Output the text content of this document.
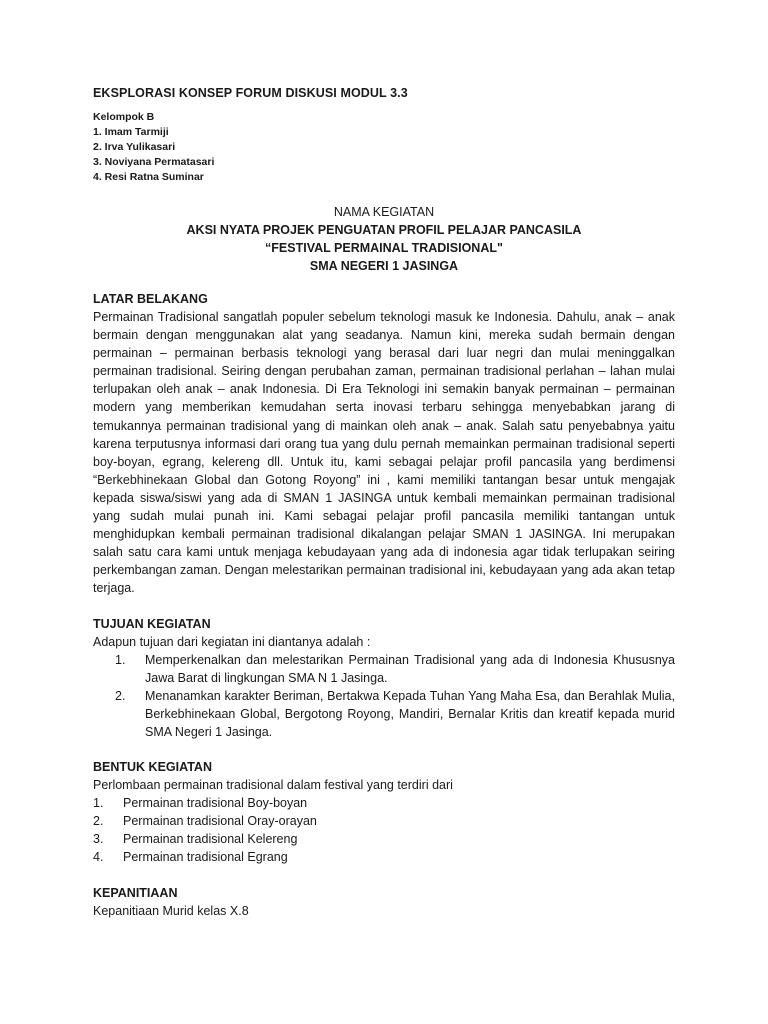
EKSPLORASI KONSEP FORUM DISKUSI MODUL 3.3
Kelompok B
1. Imam Tarmiji
2. Irva Yulikasari
3. Noviyana Permatasari
4. Resi Ratna Suminar
NAMA KEGIATAN
AKSI NYATA PROJEK PENGUATAN PROFIL PELAJAR PANCASILA
“FESTIVAL PERMAINAL TRADISIONAL"
SMA NEGERI 1 JASINGA
LATAR BELAKANG

Permainan Tradisional sangatlah populer sebelum teknologi masuk ke Indonesia. Dahulu, anak – anak bermain dengan menggunakan alat yang seadanya. Namun kini, mereka sudah bermain dengan permainan – permainan berbasis teknologi yang berasal dari luar negri dan mulai meninggalkan permainan tradisional. Seiring dengan perubahan zaman, permainan tradisional perlahan – lahan mulai terlupakan oleh anak – anak Indonesia. Di Era Teknologi ini semakin banyak permainan – permainan modern yang memberikan kemudahan serta inovasi terbaru sehingga menyebabkan jarang di temukannya permainan tradisional yang di mainkan oleh anak – anak. Salah satu penyebabnya yaitu karena terputusnya informasi dari orang tua yang dulu pernah memainkan permainan tradisional seperti boy-boyan, egrang, kelereng dll. Untuk itu, kami sebagai pelajar profil pancasila yang berdimensi “Berkebhinekaan Global dan Gotong Royong” ini , kami memiliki tantangan besar untuk mengajak kepada siswa/siswi yang ada di SMAN 1 JASINGA untuk kembali memainkan permainan tradisional yang sudah mulai punah ini. Kami sebagai pelajar profil pancasila memiliki tantangan untuk menghidupkan kembali permainan tradisional dikalangan pelajar SMAN 1 JASINGA. Ini merupakan salah satu cara kami untuk menjaga kebudayaan yang ada di indonesia agar tidak terlupakan seiring perkembangan zaman. Dengan melestarikan permainan tradisional ini, kebudayaan yang ada akan tetap terjaga.

TUJUAN KEGIATAN
Adapun tujuan dari kegiatan ini diantanya adalah :
1. Memperkenalkan dan melestarikan Permainan Tradisional yang ada di Indonesia Khususnya Jawa Barat di lingkungan SMA N 1 Jasinga.
2. Menanamkan karakter Beriman, Bertakwa Kepada Tuhan Yang Maha Esa, dan Berahlak Mulia, Berkebhinekaan Global, Bergotong Royong, Mandiri, Bernalar Kritis dan kreatif kepada murid SMA Negeri 1 Jasinga.
BENTUK KEGIATAN
Perlombaan permainan tradisional dalam festival yang terdiri dari
1. Permainan tradisional Boy-boyan
2. Permainan tradisional Oray-orayan
3. Permainan tradisional Kelereng
4. Permainan tradisional Egrang
KEPANITIAAN
Kepanitiaan Murid kelas X.8
